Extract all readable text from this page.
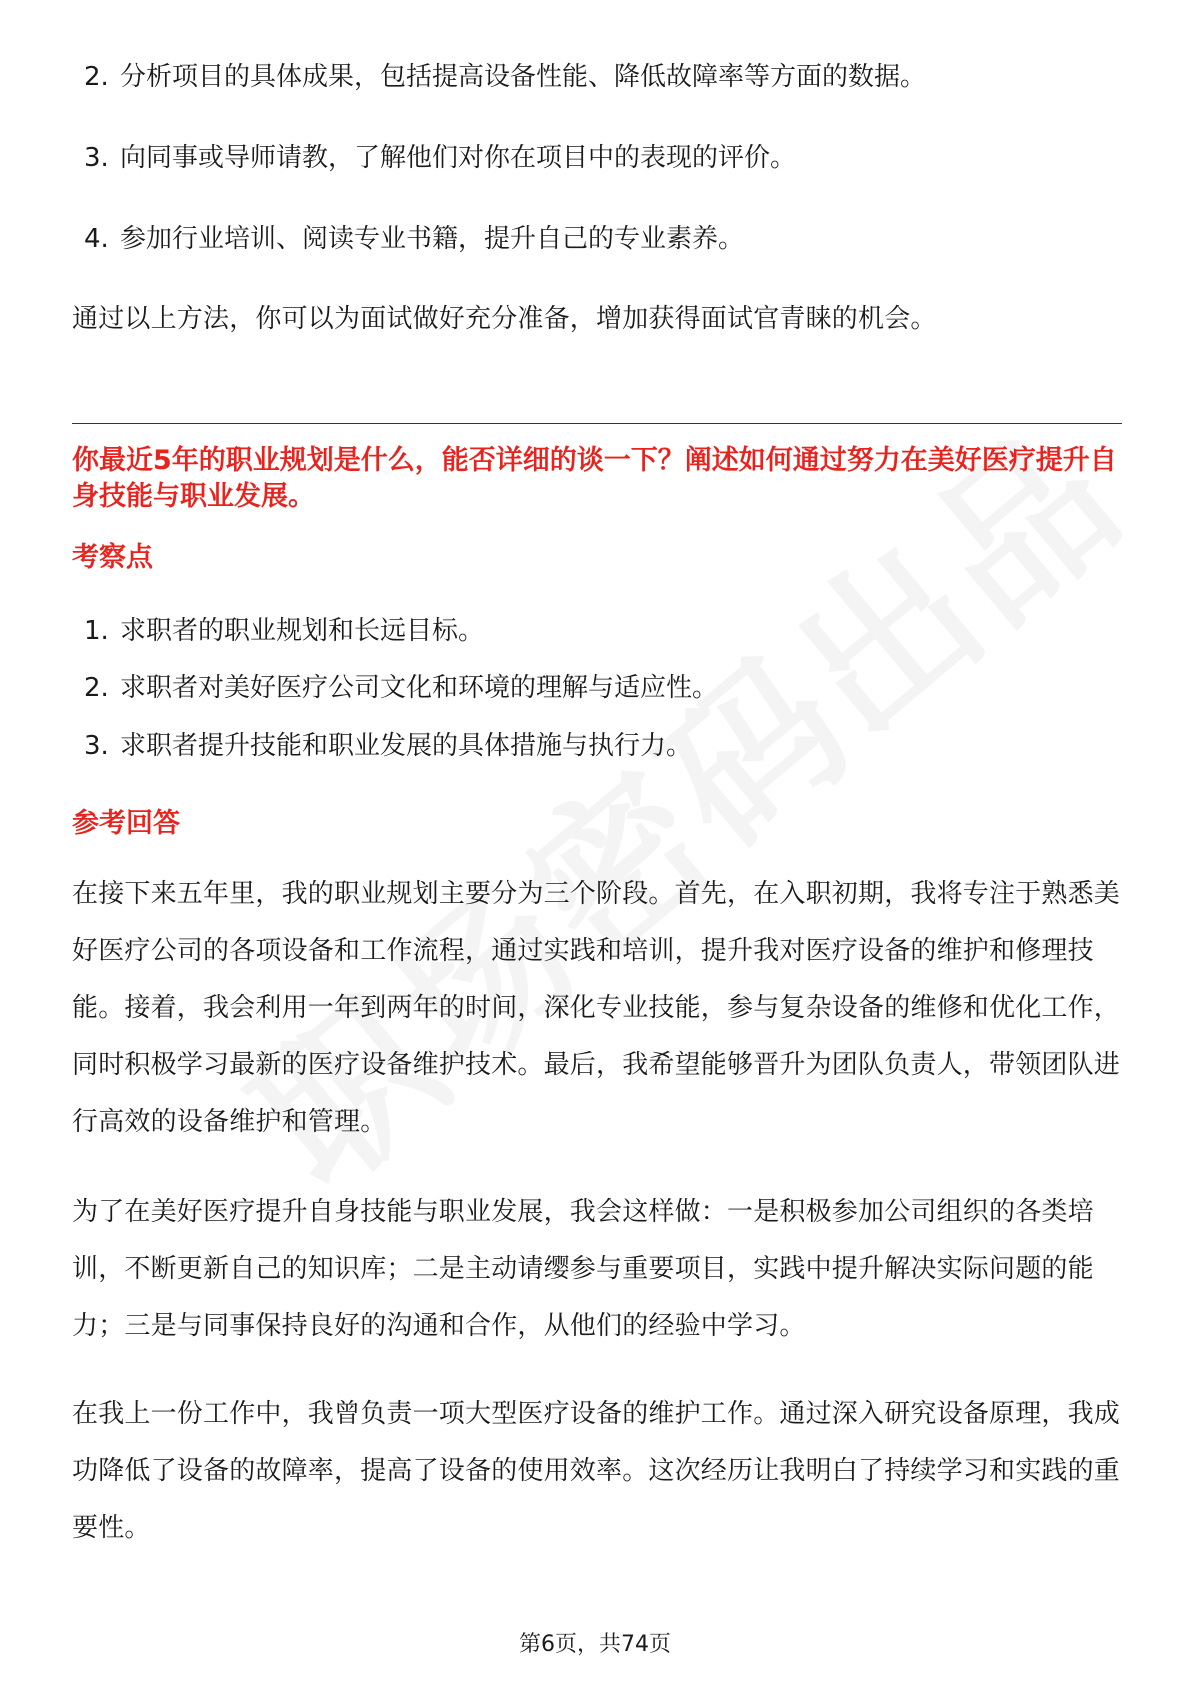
2. 分析项目的具体成果，包括提高设备性能、降低故障率等方面的数据。
3. 向同事或导师请教，了解他们对你在项目中的表现的评价。
4. 参加行业培训、阅读专业书籍，提升自己的专业素养。
通过以上方法，你可以为面试做好充分准备，增加获得面试官青睐的机会。
你最近5年的职业规划是什么，能否详细的谈一下？阐述如何通过努力在美好医疗提升自身技能与职业发展。
考察点
1. 求职者的职业规划和长远目标。
2. 求职者对美好医疗公司文化和环境的理解与适应性。
3. 求职者提升技能和职业发展的具体措施与执行力。
参考回答
在接下来五年里，我的职业规划主要分为三个阶段。首先，在入职初期，我将专注于熟悉美好医疗公司的各项设备和工作流程，通过实践和培训，提升我对医疗设备的维护和修理技能。接着，我会利用一年到两年的时间，深化专业技能，参与复杂设备的维修和优化工作，同时积极学习最新的医疗设备维护技术。最后，我希望能够晋升为团队负责人，带领团队进行高效的设备维护和管理。
为了在美好医疗提升自身技能与职业发展，我会这样做：一是积极参加公司组织的各类培训，不断更新自己的知识库；二是主动请缨参与重要项目，实践中提升解决实际问题的能力；三是与同事保持良好的沟通和合作，从他们的经验中学习。
在我上一份工作中，我曾负责一项大型医疗设备的维护工作。通过深入研究设备原理，我成功降低了设备的故障率，提高了设备的使用效率。这次经历让我明白了持续学习和实践的重要性。
第6页，共74页
